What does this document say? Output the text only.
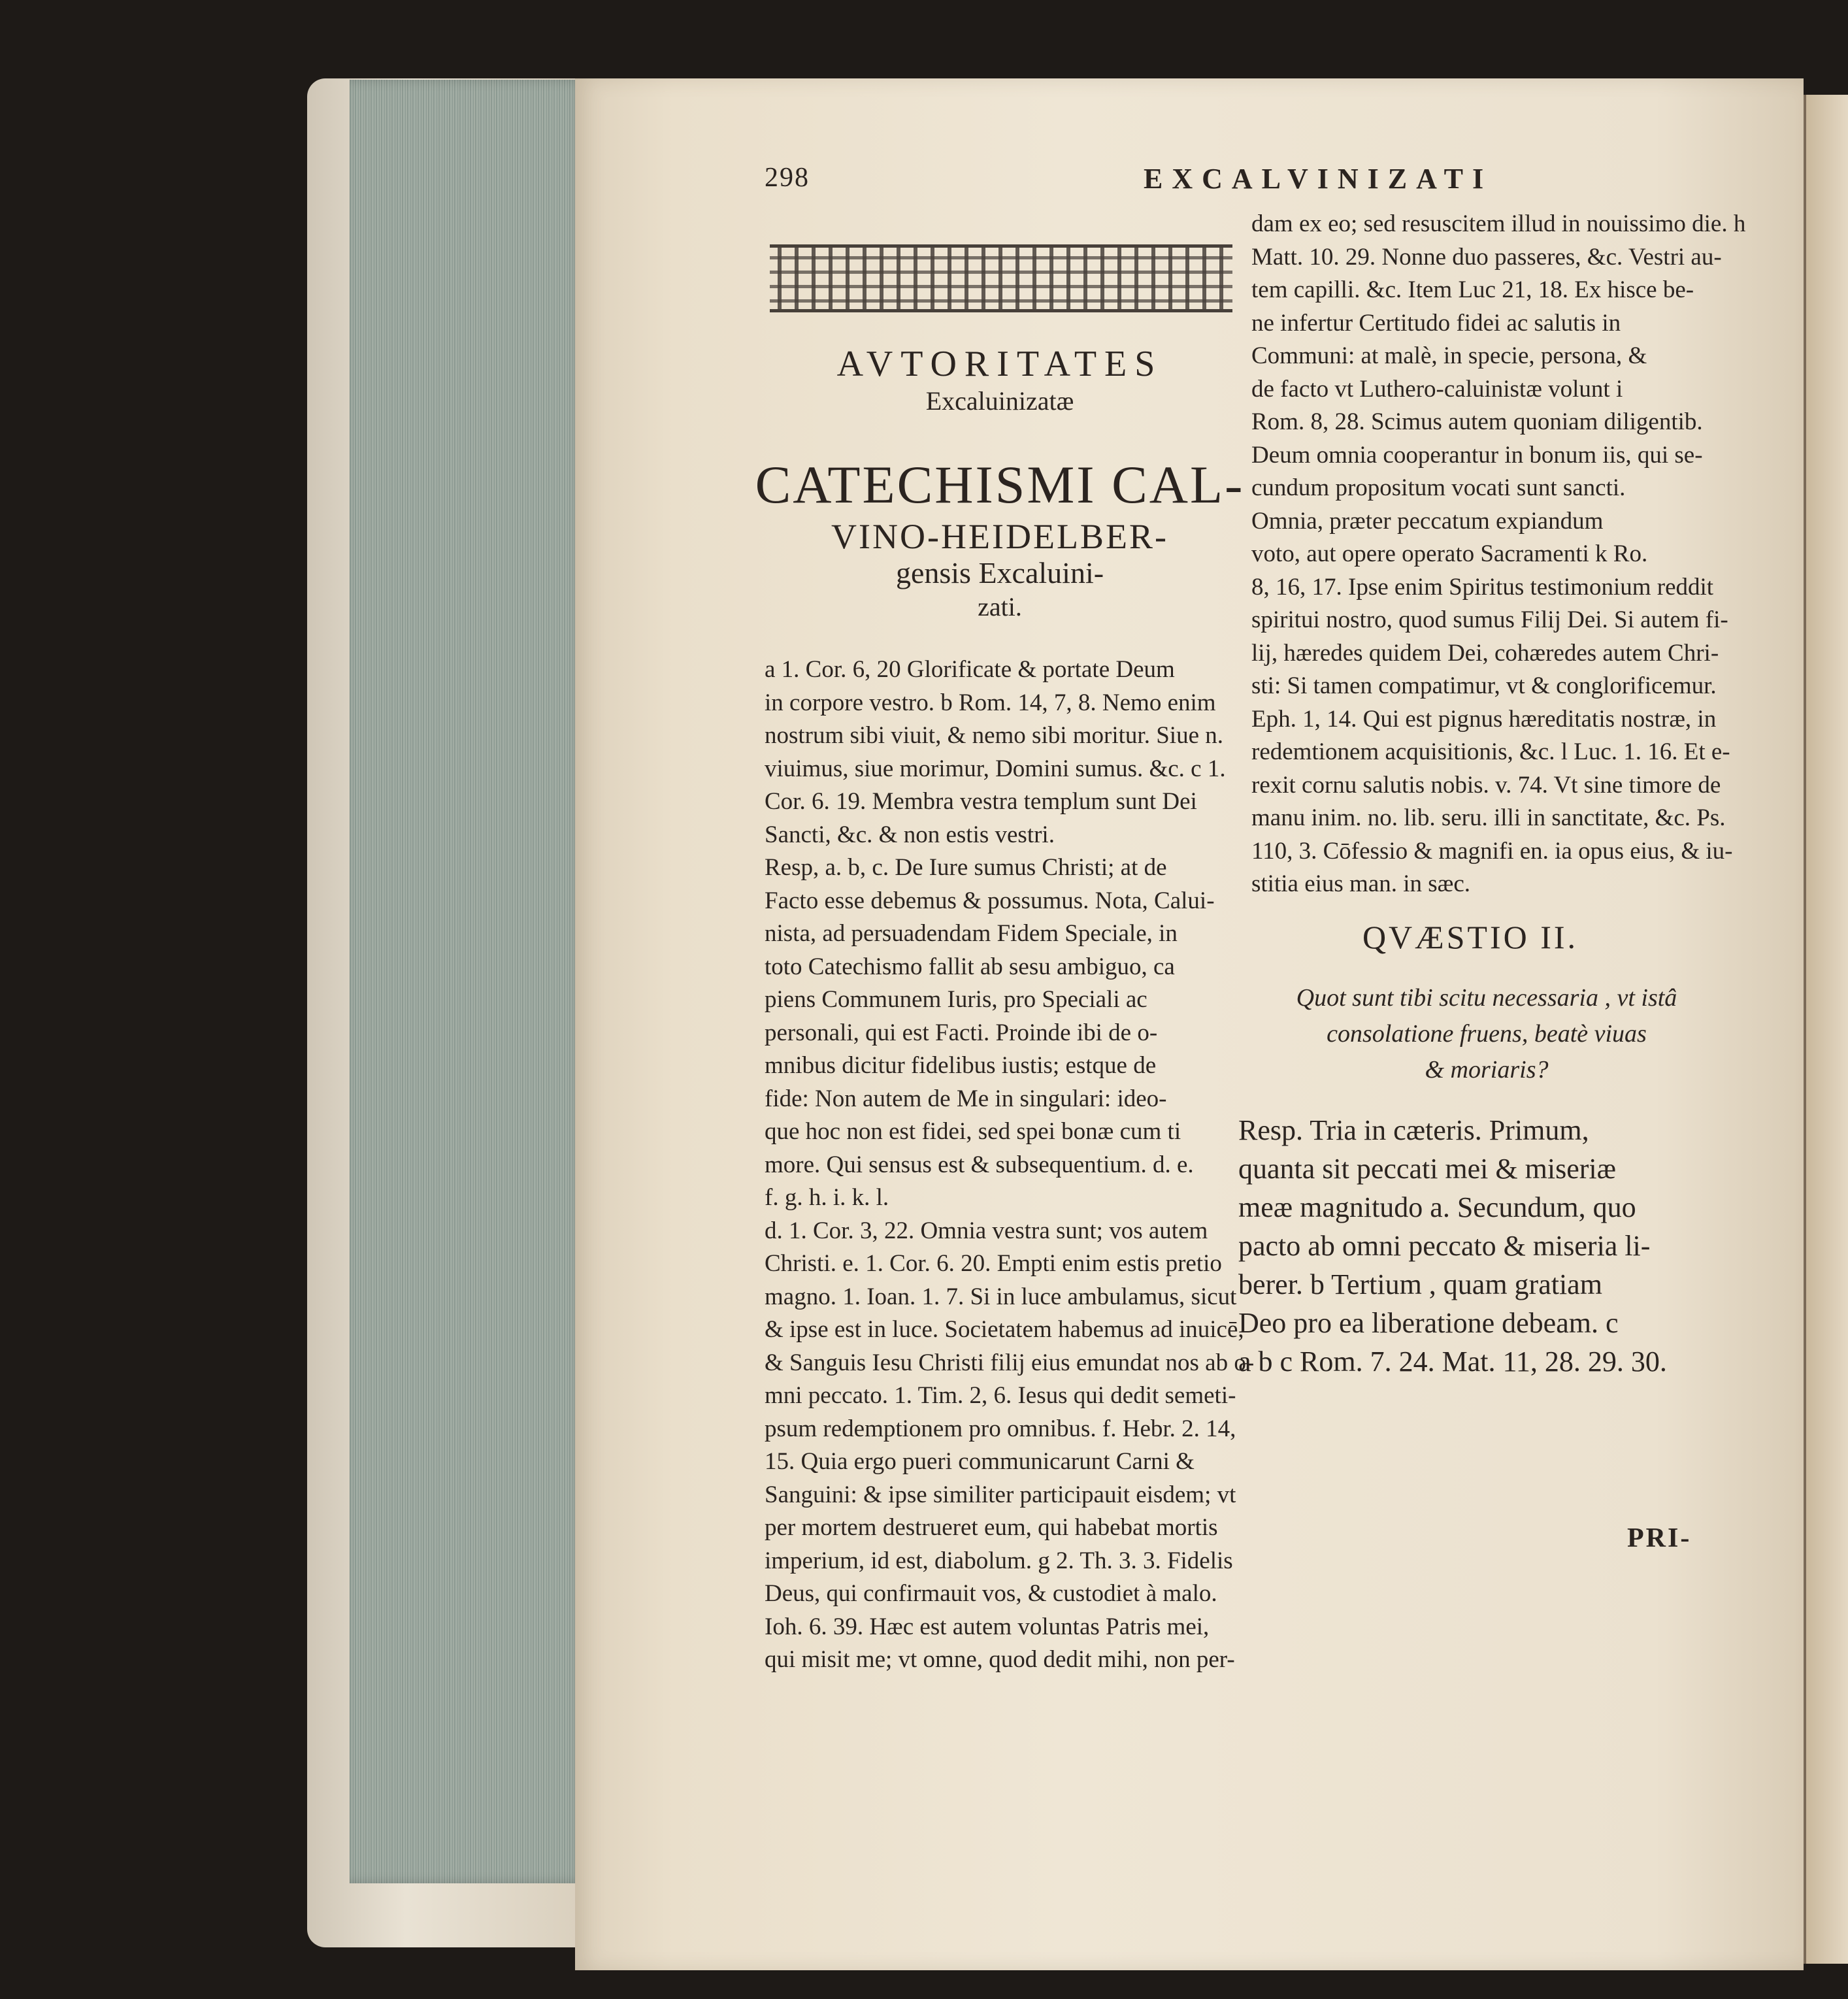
298	EXCALVINIZATI
AVTORITATES
Excaluinizatæ
CATECHISMI CAL-
VINO-HEIDELBER-
gensis Excaluini-
zati.
a 1. Cor. 6, 20 Glorificate & portate Deum
in corpore vestro. b Rom. 14, 7, 8. Nemo enim
nostrum sibi viuit, & nemo sibi moritur. Siue n.
viuimus, siue morimur, Domini sumus. &c. c 1.
Cor. 6. 19. Membra vestra templum sunt Dei
Sancti, &c. & non estis vestri.
Resp, a. b, c. De Iure sumus Christi; at de
Facto esse debemus & possumus. Nota, Calui-
nista, ad persuadendam Fidem Speciale, in
toto Catechismo fallit ab sesu ambiguo, ca
piens Communem Iuris, pro Speciali ac
personali, qui est Facti. Proinde ibi de o-
mnibus dicitur fidelibus iustis; estque de
fide: Non autem de Me in singulari: ideo-
que hoc non est fidei, sed spei bonæ cum ti
more. Qui sensus est & subsequentium. d. e.
f. g. h. i. k. l.
d. 1. Cor. 3, 22. Omnia vestra sunt; vos autem
Christi. e. 1. Cor. 6. 20. Empti enim estis pretio
magno. 1. Ioan. 1. 7. Si in luce ambulamus, sicut
& ipse est in luce. Societatem habemus ad inuicē,
& Sanguis Iesu Christi filij eius emundat nos ab o-
mni peccato. 1. Tim. 2, 6. Iesus qui dedit semeti-
psum redemptionem pro omnibus. f. Hebr. 2. 14,
15. Quia ergo pueri communicarunt Carni &
Sanguini: & ipse similiter participauit eisdem; vt
per mortem destrueret eum, qui habebat mortis
imperium, id est, diabolum. g 2. Th. 3. 3. Fidelis
Deus, qui confirmauit vos, & custodiet à malo.
Ioh. 6. 39. Hæc est autem voluntas Patris mei,
qui misit me; vt omne, quod dedit mihi, non per-
dam ex eo; sed resuscitem illud in nouissimo die. h
Matt. 10. 29. Nonne duo passeres, &c. Vestri au-
tem capilli. &c. Item Luc 21, 18. Ex hisce be-
ne infertur Certitudo fidei ac salutis in
Communi: at malè, in specie, persona, &
de facto vt Luthero-caluinistæ volunt i
Rom. 8, 28. Scimus autem quoniam diligentib.
Deum omnia cooperantur in bonum iis, qui se-
cundum propositum vocati sunt sancti.
Omnia, præter peccatum expiandum
voto, aut opere operato Sacramenti k Ro.
8, 16, 17. Ipse enim Spiritus testimonium reddit
spiritui nostro, quod sumus Filij Dei. Si autem fi-
lij, hæredes quidem Dei, cohæredes autem Chri-
sti: Si tamen compatimur, vt & conglorificemur.
Eph. 1, 14. Qui est pignus hæreditatis nostræ, in
redemtionem acquisitionis, &c. l Luc. 1. 16. Et e-
rexit cornu salutis nobis. v. 74. Vt sine timore de
manu inim. no. lib. seru. illi in sanctitate, &c. Ps.
110, 3. Cōfessio & magnifi en. ia opus eius, & iu-
stitia eius man. in sæc.
QVÆSTIO II.
Quot sunt tibi scitu necessaria , vt istâ
consolatione fruens, beatè viuas
& moriaris?
Resp. Tria in cæteris. Primum,
quanta sit peccati mei & miseriæ
meæ magnitudo a. Secundum, quo
pacto ab omni peccato & miseria li-
berer. b Tertium , quam gratiam
Deo pro ea liberatione debeam. c
a b c Rom. 7. 24. Mat. 11, 28. 29. 30.
PRI-
